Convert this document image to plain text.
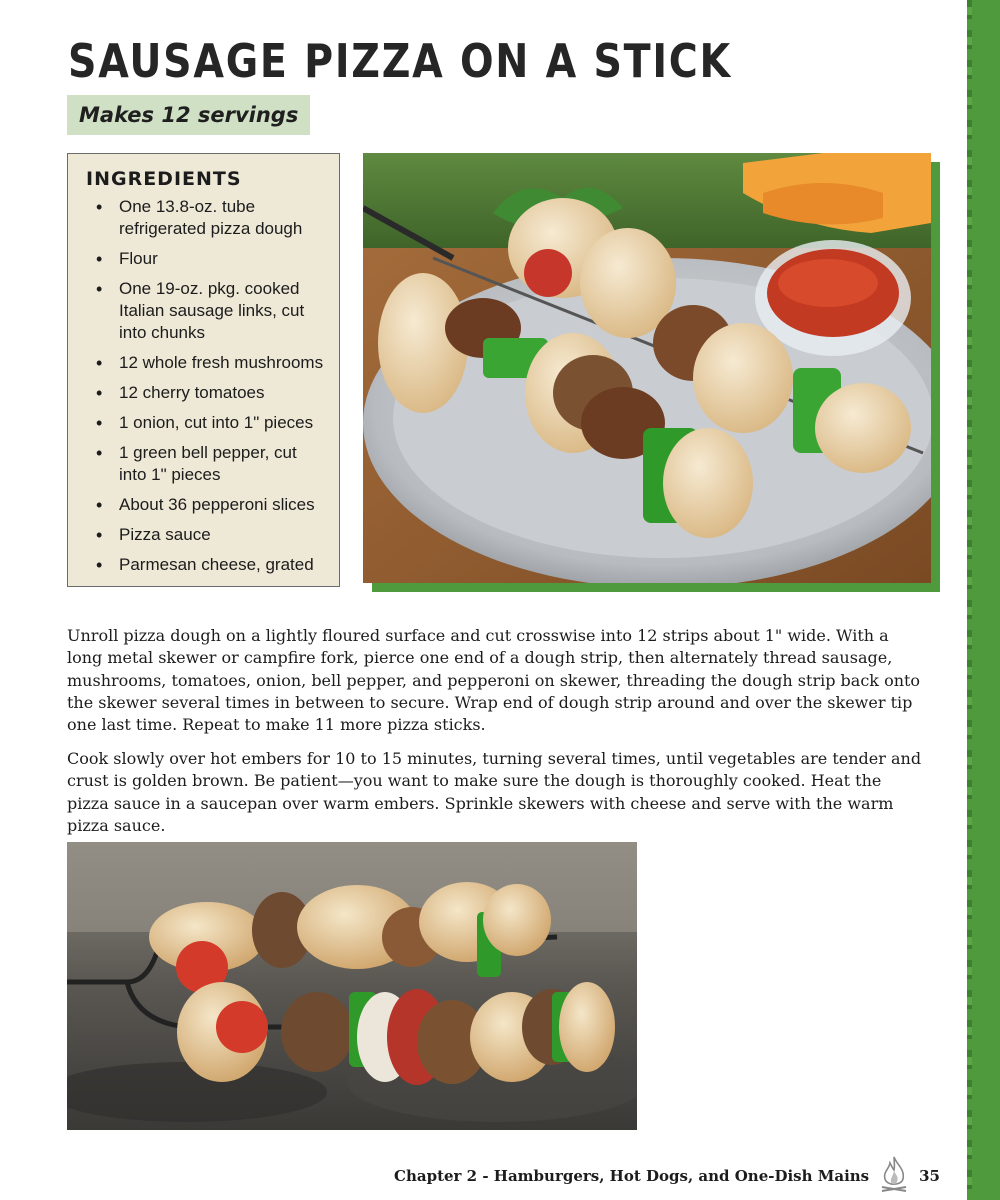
SAUSAGE PIZZA ON A STICK
Makes 12 servings
INGREDIENTS
• One 13.8-oz. tube refrigerated pizza dough
• Flour
• One 19-oz. pkg. cooked Italian sausage links, cut into chunks
• 12 whole fresh mushrooms
• 12 cherry tomatoes
• 1 onion, cut into 1" pieces
• 1 green bell pepper, cut into 1" pieces
• About 36 pepperoni slices
• Pizza sauce
• Parmesan cheese, grated

Unroll pizza dough on a lightly floured surface and cut crosswise into 12 strips about 1" wide. With a long metal skewer or campfire fork, pierce one end of a dough strip, then alternately thread sausage, mushrooms, tomatoes, onion, bell pepper, and pepperoni on skewer, threading the dough strip back onto the skewer several times in between to secure. Wrap end of dough strip around and over the skewer tip one last time. Repeat to make 11 more pizza sticks.

Cook slowly over hot embers for 10 to 15 minutes, turning several times, until vegetables are tender and crust is golden brown. Be patient—you want to make sure the dough is thoroughly cooked. Heat the pizza sauce in a saucepan over warm embers. Sprinkle skewers with cheese and serve with the warm pizza sauce.

Chapter 2 - Hamburgers, Hot Dogs, and One-Dish Mains	35
